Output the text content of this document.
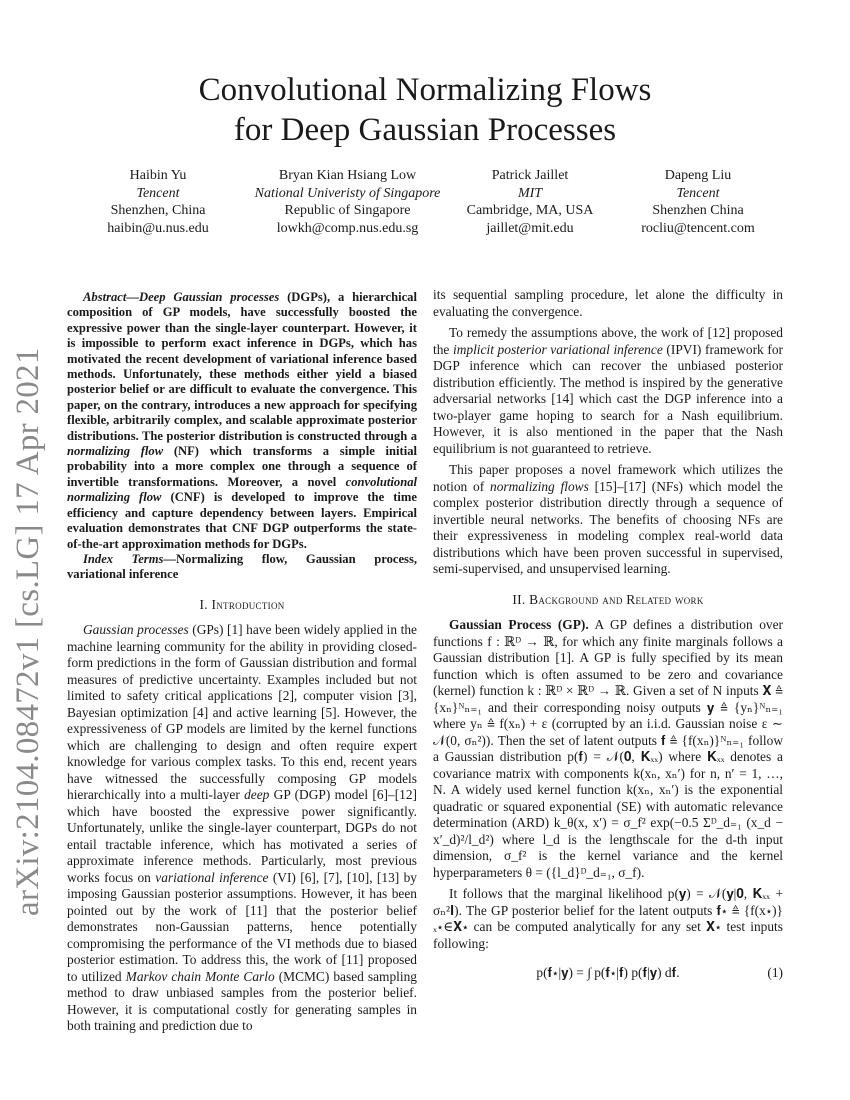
Convolutional Normalizing Flows
for Deep Gaussian Processes
Haibin Yu
Tencent
Shenzhen, China
haibin@u.nus.edu
Bryan Kian Hsiang Low
National Univeristy of Singapore
Republic of Singapore
lowkh@comp.nus.edu.sg
Patrick Jaillet
MIT
Cambridge, MA, USA
jaillet@mit.edu
Dapeng Liu
Tencent
Shenzhen China
rocliu@tencent.com
arXiv:2104.08472v1 [cs.LG] 17 Apr 2021

Abstract—Deep Gaussian processes (DGPs), a hierarchical composition of GP models, have successfully boosted the expressive power than the single-layer counterpart. However, it is impossible to perform exact inference in DGPs, which has motivated the recent development of variational inference based methods. Unfortunately, these methods either yield a biased posterior belief or are difficult to evaluate the convergence. This paper, on the contrary, introduces a new approach for specifying flexible, arbitrarily complex, and scalable approximate posterior distributions. The posterior distribution is constructed through a normalizing flow (NF) which transforms a simple initial probability into a more complex one through a sequence of invertible transformations. Moreover, a novel convolutional normalizing flow (CNF) is developed to improve the time efficiency and capture dependency between layers. Empirical evaluation demonstrates that CNF DGP outperforms the state-of-the-art approximation methods for DGPs.

Index Terms—Normalizing flow, Gaussian process, variational inference

I. Introduction

Gaussian processes (GPs) [1] have been widely applied in the machine learning community for the ability in providing closed-form predictions in the form of Gaussian distribution and formal measures of predictive uncertainty. Examples included but not limited to safety critical applications [2], computer vision [3], Bayesian optimization [4] and active learning [5]. However, the expressiveness of GP models are limited by the kernel functions which are challenging to design and often require expert knowledge for various complex tasks. To this end, recent years have witnessed the successfully composing GP models hierarchically into a multi-layer deep GP (DGP) model [6]–[12] which have boosted the expressive power significantly. Unfortunately, unlike the single-layer counterpart, DGPs do not entail tractable inference, which has motivated a series of approximate inference methods. Particularly, most previous works focus on variational inference (VI) [6], [7], [10], [13] by imposing Gaussian posterior assumptions. However, it has been pointed out by the work of [11] that the posterior belief demonstrates non-Gaussian patterns, hence potentially compromising the performance of the VI methods due to biased posterior estimation. To address this, the work of [11] proposed to utilized Markov chain Monte Carlo (MCMC) based sampling method to draw unbiased samples from the posterior belief. However, it is computational costly for generating samples in both training and prediction due to

its sequential sampling procedure, let alone the difficulty in evaluating the convergence.

To remedy the assumptions above, the work of [12] proposed the implicit posterior variational inference (IPVI) framework for DGP inference which can recover the unbiased posterior distribution efficiently. The method is inspired by the generative adversarial networks [14] which cast the DGP inference into a two-player game hoping to search for a Nash equilibrium. However, it is also mentioned in the paper that the Nash equilibrium is not guaranteed to retrieve.

This paper proposes a novel framework which utilizes the notion of normalizing flows [15]–[17] (NFs) which model the complex posterior distribution directly through a sequence of invertible neural networks. The benefits of choosing NFs are their expressiveness in modeling complex real-world data distributions which have been proven successful in supervised, semi-supervised, and unsupervised learning.

II. Background and Related work

Gaussian Process (GP). A GP defines a distribution over functions f : ℝᴰ → ℝ, for which any finite marginals follows a Gaussian distribution [1]. A GP is fully specified by its mean function which is often assumed to be zero and covariance (kernel) function k : ℝᴰ × ℝᴰ → ℝ. Given a set of N inputs 𝐗 ≜ {xₙ}ᴺₙ₌₁ and their corresponding noisy outputs 𝐲 ≜ {yₙ}ᴺₙ₌₁ where yₙ ≜ f(xₙ) + ε (corrupted by an i.i.d. Gaussian noise ε ∼ 𝒩(0, σₙ²)). Then the set of latent outputs 𝐟 ≜ {f(xₙ)}ᴺₙ₌₁ follow a Gaussian distribution p(𝐟) = 𝒩(𝟎, 𝐊ₓₓ) where 𝐊ₓₓ denotes a covariance matrix with components k(xₙ, xₙ′) for n, n′ = 1, …, N. A widely used kernel function k(xₙ, xₙ′) is the exponential quadratic or squared exponential (SE) with automatic relevance determination (ARD) k_θ(x, x′) = σ_f² exp(−0.5 Σᴰ_d₌₁ (x_d − x′_d)²/l_d²) where l_d is the lengthscale for the d-th input dimension, σ_f² is the kernel variance and the kernel hyperparameters θ = ({l_d}ᴰ_d₌₁, σ_f).

It follows that the marginal likelihood p(𝐲) = 𝒩(𝐲|𝟎, 𝐊ₓₓ + σₙ²𝐈). The GP posterior belief for the latent outputs 𝐟⋆ ≜ {f(x⋆)}ₓ⋆∈𝐗⋆ can be computed analytically for any set 𝐗⋆ test inputs following:

p(𝐟⋆|𝐲) = ∫ p(𝐟⋆|𝐟) p(𝐟|𝐲) d𝐟.	(1)
